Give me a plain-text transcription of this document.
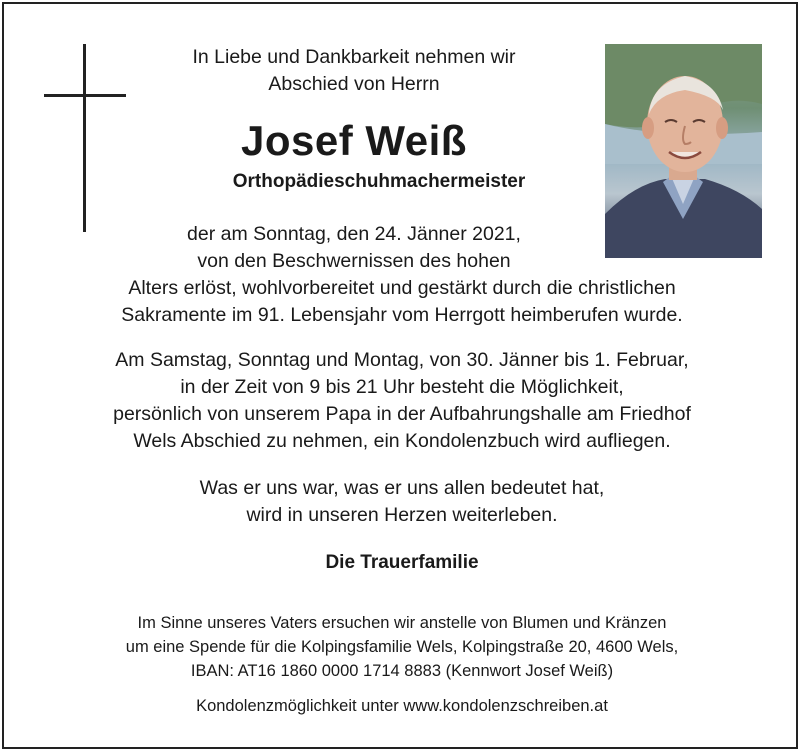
In Liebe und Dankbarkeit nehmen wir
Abschied von Herrn
Josef Weiß
Orthopädieschuhmachermeister
der am Sonntag, den 24. Jänner 2021,
von den Beschwernissen des hohen
Alters erlöst, wohlvorbereitet und gestärkt durch die christlichen
Sakramente im 91. Lebensjahr vom Herrgott heimberufen wurde.
Am Samstag, Sonntag und Montag, von 30. Jänner bis 1. Februar,
in der Zeit von 9 bis 21 Uhr besteht die Möglichkeit,
persönlich von unserem Papa in der Aufbahrungshalle am Friedhof
Wels Abschied zu nehmen, ein Kondolenzbuch wird aufliegen.
Was er uns war, was er uns allen bedeutet hat,
wird in unseren Herzen weiterleben.
Die Trauerfamilie
Im Sinne unseres Vaters ersuchen wir anstelle von Blumen und Kränzen
um eine Spende für die Kolpingsfamilie Wels, Kolpingstraße 20, 4600 Wels,
IBAN: AT16 1860 0000 1714 8883 (Kennwort Josef Weiß)
Kondolenzmöglichkeit unter www.kondolenzschreiben.at
